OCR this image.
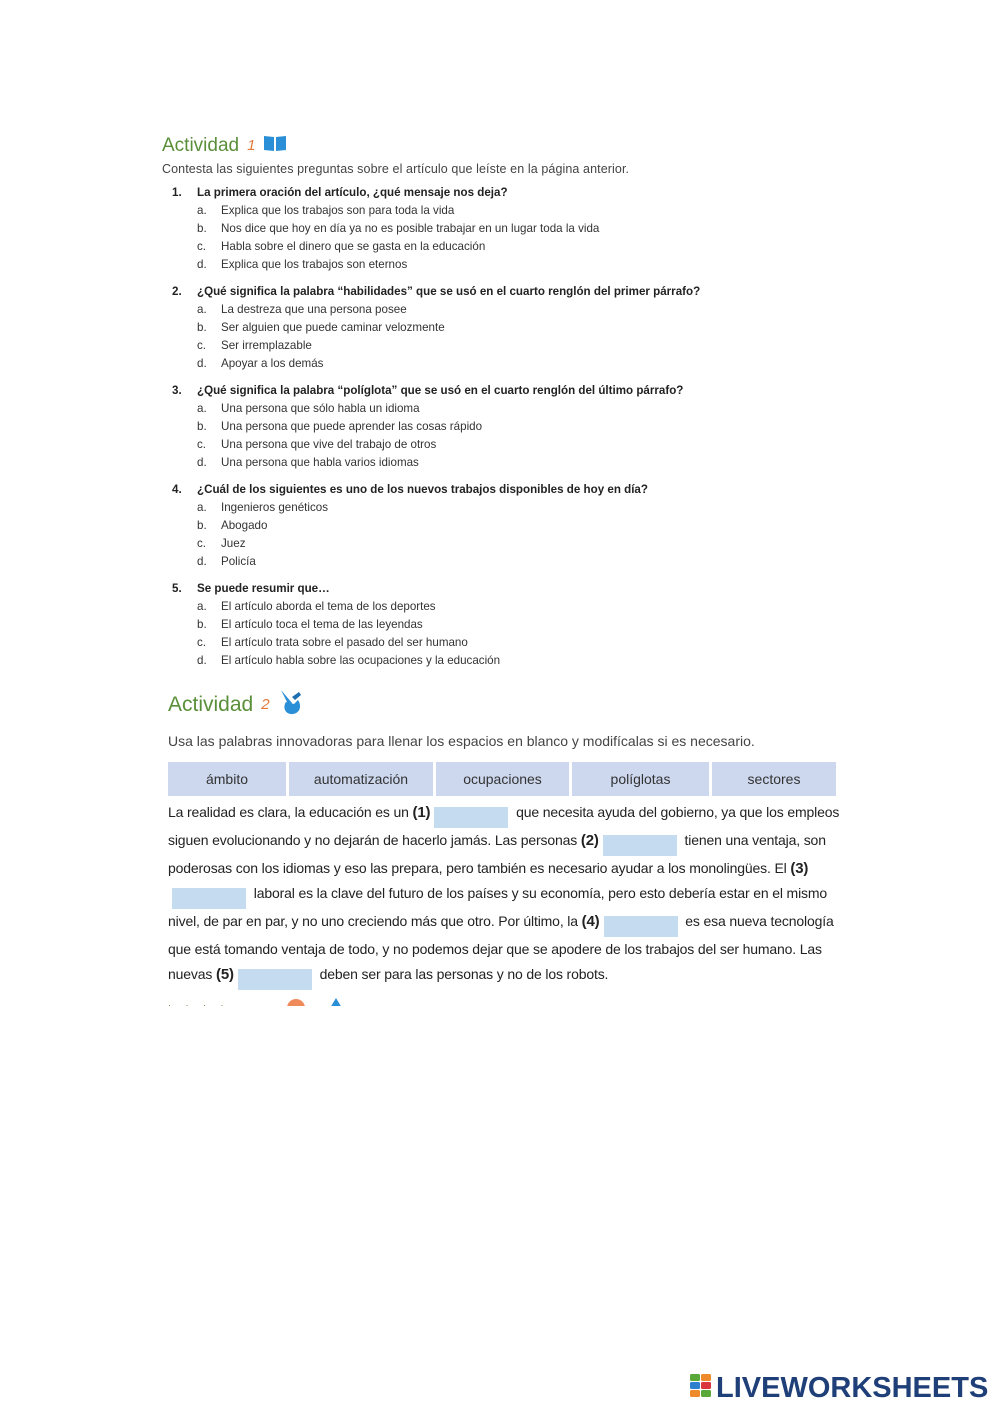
Actividad 1
Contesta las siguientes preguntas sobre el artículo que leíste en la página anterior.
1.	La primera oración del artículo, ¿qué mensaje nos deja?
a.	Explica que los trabajos son para toda la vida
b.	Nos dice que hoy en día ya no es posible trabajar en un lugar toda la vida
c.	Habla sobre el dinero que se gasta en la educación
d.	Explica que los trabajos son eternos
2.	¿Qué significa la palabra “habilidades” que se usó en el cuarto renglón del primer párrafo?
a.	La destreza que una persona posee
b.	Ser alguien que puede caminar velozmente
c.	Ser irremplazable
d.	Apoyar a los demás
3.	¿Qué significa la palabra “políglota” que se usó en el cuarto renglón del último párrafo?
a.	Una persona que sólo habla un idioma
b.	Una persona que puede aprender las cosas rápido
c.	Una persona que vive del trabajo de otros
d.	Una persona que habla varios idiomas
4.	¿Cuál de los siguientes es uno de los nuevos trabajos disponibles de hoy en día?
a.	Ingenieros genéticos
b.	Abogado
c.	Juez
d.	Policía
5.	Se puede resumir que…
a.	El artículo aborda el tema de los deportes
b.	El artículo toca el tema de las leyendas
c.	El artículo trata sobre el pasado del ser humano
d.	El artículo habla sobre las ocupaciones y la educación
Actividad 2
Usa las palabras innovadoras para llenar los espacios en blanco y modifícalas si es necesario.
ámbito	automatización	ocupaciones	políglotas	sectores
La realidad es clara, la educación es un (1)	que necesita ayuda del gobierno, ya que los empleos siguen evolucionando y no dejarán de hacerlo jamás. Las personas (2)	tienen una ventaja, son poderosas con los idiomas y eso las prepara, pero también es necesario ayudar a los monolingües. El (3) laboral es la clave del futuro de los países y su economía, pero esto debería estar en el mismo nivel, de par en par, y no uno creciendo más que otro. Por último, la (4)	es esa nueva tecnología que está tomando ventaja de todo, y no podemos dejar que se apodere de los trabajos del ser humano. Las nuevas (5)	deben ser para las personas y no de los robots.
· · · ·
LIVEWORKSHEETS
